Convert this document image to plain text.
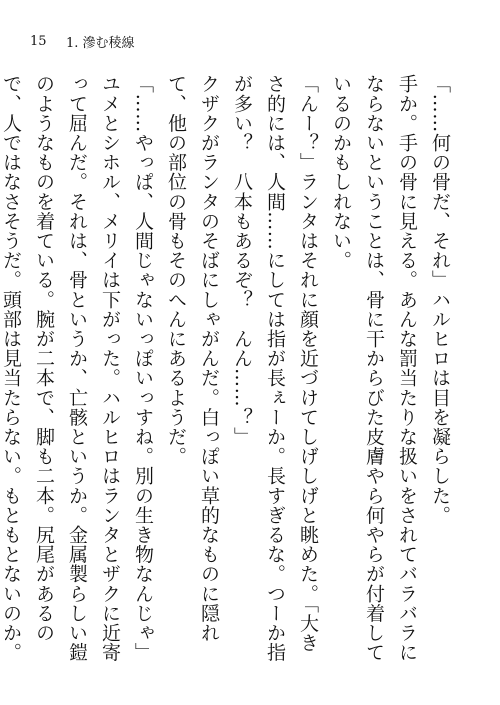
15	1. 滲む稜線

「……何の骨だ、それ」ハルヒロは目を凝らした。

手か。手の骨に見える。あんな罰当たりな扱いをされてバラバラにならないということは、骨に干からびた皮膚やら何やらが付着しているのかもしれない。

「んー？」ランタはそれに顔を近づけてしげしげと眺めた。「大きさ的には、人間……にしては指が長ぇーか。長すぎるな。つーか指が多い？　八本もあるぞ？　んん……？」

クザクがランタのそばにしゃがんだ。白っぽい草的なものに隠れて、他の部位の骨もそのへんにあるようだ。

「……やっぱ、人間じゃないっぽいっすね。別の生き物なんじゃ」

ユメとシホル、メリイは下がった。ハルヒロはランタとザクに近寄って屈んだ。それは、骨というか、亡骸というか。金属製らしい鎧のようなものを着ている。腕が二本で、脚も二本。尻尾があるので、人ではなさそうだ。頭部は見当たらない。もともとないのか。　
